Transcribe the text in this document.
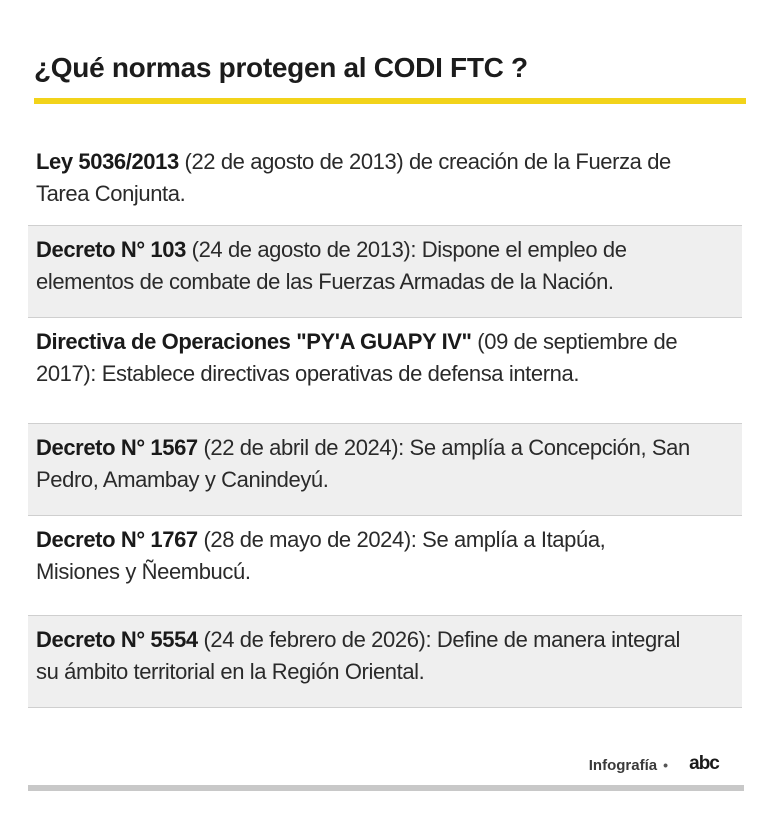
¿Qué normas protegen al CODI FTC ?
Ley 5036/2013 (22 de agosto de 2013) de creación de la Fuerza de
Tarea Conjunta.
Decreto N° 103 (24 de agosto de 2013): Dispone el empleo de
elementos de combate de las Fuerzas Armadas de la Nación.
Directiva de Operaciones "PY'A GUAPY IV" (09 de septiembre de
2017): Establece directivas operativas de defensa interna.
Decreto N° 1567 (22 de abril de 2024): Se amplía a Concepción, San
Pedro, Amambay y Canindeyú.
Decreto N° 1767 (28 de mayo de 2024): Se amplía a Itapúa,
Misiones y Ñeembucú.
Decreto N° 5554 (24 de febrero de 2026): Define de manera integral
su ámbito territorial en la Región Oriental.
Infografía • abc
